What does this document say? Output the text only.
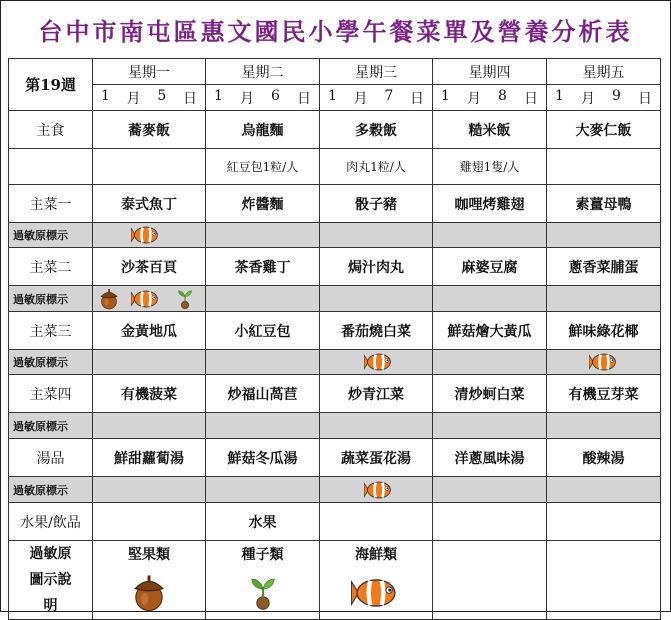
台中市南屯區惠文國民小學午餐菜單及營養分析表
第19週	星期一	星期二	星期三	星期四	星期五

	1 月 5 日	1 月 6 日	1 月 7 日	1 月 8 日	1 月 9 日

主食	蕎麥飯	烏龍麵	多穀飯	糙米飯	大麥仁飯
		紅豆包1粒/人	肉丸1粒/人	雞翅1隻/人	
主菜一	泰式魚丁	炸醬麵	骰子豬	咖哩烤雞翅	素薑母鴨
過敏原標示					
主菜二	沙茶百頁	茶香雞丁	焗汁肉丸	麻婆豆腐	蔥香菜脯蛋
過敏原標示					
主菜三	金黃地瓜	小紅豆包	番茄燒白菜	鮮菇燴大黃瓜	鮮味綠花椰
過敏原標示					
主菜四	有機菠菜	炒福山萵苣	炒青江菜	清炒蚵白菜	有機豆芽菜
過敏原標示					
湯品	鮮甜蘿蔔湯	鮮菇冬瓜湯	蔬菜蛋花湯	洋蔥風味湯	酸辣湯
過敏原標示					
水果/飲品		水果			

過敏原
圖示說
明	堅果類	種子類	海鮮類		
